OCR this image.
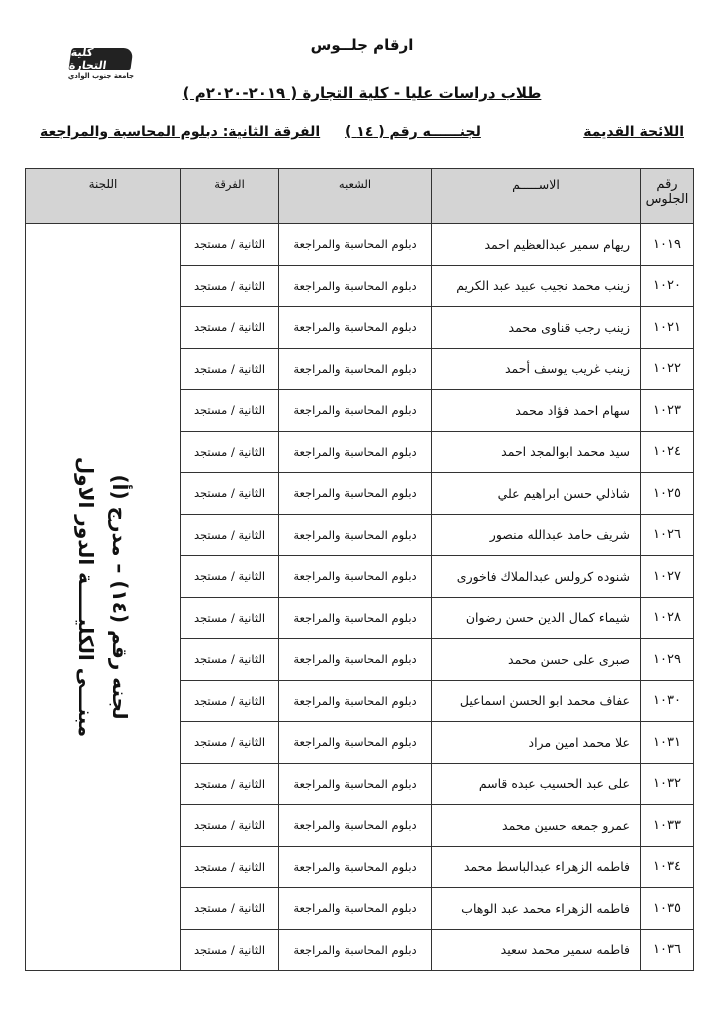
كلية التجارة
جامعة جنوب الوادي
ارقام جلــوس
طلاب دراسات عليا - كلية التجارة ( ٢٠١٩-٢٠٢٠م )
اللائحة القديمة
لجنــــــه رقم ( ١٤ )
الفرقة الثانية: دبلوم المحاسبة والمراجعة
رقم الجلوس	الاســـــم	الشعبه	الفرقة	اللجنة
١٠١٩	ريهام سمير عبدالعظيم احمد	دبلوم المحاسبة والمراجعة	الثانية / مستجد	لجنه رقم (١٤) – مدرج (أ)
مبنـــى الكليـــــة الدور الاول

١٠٢٠	زينب محمد نجيب عبيد عبد الكريم	دبلوم المحاسبة والمراجعة	الثانية / مستجد	
١٠٢١	زينب رجب قناوى محمد	دبلوم المحاسبة والمراجعة	الثانية / مستجد	
١٠٢٢	زينب غريب يوسف أحمد	دبلوم المحاسبة والمراجعة	الثانية / مستجد	
١٠٢٣	سهام احمد فؤاد محمد	دبلوم المحاسبة والمراجعة	الثانية / مستجد	
١٠٢٤	سيد محمد ابوالمجد احمد	دبلوم المحاسبة والمراجعة	الثانية / مستجد	
١٠٢٥	شاذلي حسن ابراهيم علي	دبلوم المحاسبة والمراجعة	الثانية / مستجد	
١٠٢٦	شريف حامد عبدالله منصور	دبلوم المحاسبة والمراجعة	الثانية / مستجد	
١٠٢٧	شنوده كرولس عبدالملاك فاخورى	دبلوم المحاسبة والمراجعة	الثانية / مستجد	
١٠٢٨	شيماء كمال الدين حسن رضوان	دبلوم المحاسبة والمراجعة	الثانية / مستجد	
١٠٢٩	صبرى على حسن محمد	دبلوم المحاسبة والمراجعة	الثانية / مستجد	
١٠٣٠	عفاف محمد ابو الحسن اسماعيل	دبلوم المحاسبة والمراجعة	الثانية / مستجد	
١٠٣١	علا محمد امين مراد	دبلوم المحاسبة والمراجعة	الثانية / مستجد	
١٠٣٢	على عبد الحسيب عبده قاسم	دبلوم المحاسبة والمراجعة	الثانية / مستجد	
١٠٣٣	عمرو جمعه حسين محمد	دبلوم المحاسبة والمراجعة	الثانية / مستجد	
١٠٣٤	فاطمه الزهراء عبدالباسط محمد	دبلوم المحاسبة والمراجعة	الثانية / مستجد	
١٠٣٥	فاطمه الزهراء محمد عبد الوهاب	دبلوم المحاسبة والمراجعة	الثانية / مستجد	
١٠٣٦	فاطمه سمير محمد سعيد	دبلوم المحاسبة والمراجعة	الثانية / مستجد	
